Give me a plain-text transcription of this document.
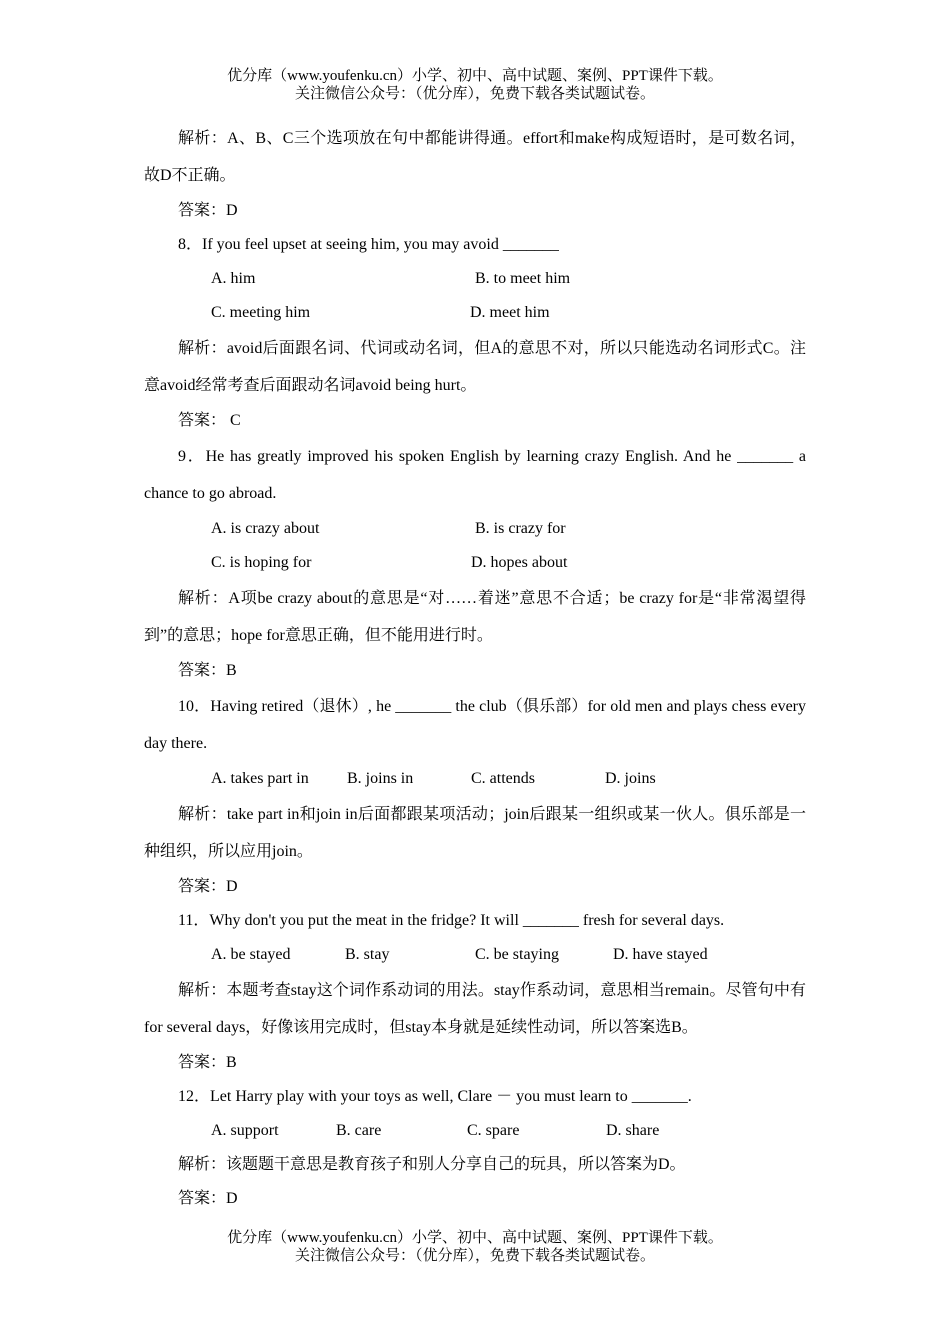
优分库（www.youfenku.cn）小学、初中、高中试题、案例、PPT课件下载。
关注微信公众号：（优分库），免费下载各类试题试卷。

解析：A、B、C三个选项放在句中都能讲得通。effort和make构成短语时，是可数名词，故D不正确。

答案：D

8．If you feel upset at seeing him, you may avoid _______

A. him	B. to meet him
C. meeting him	D. meet him

解析：avoid后面跟名词、代词或动名词，但A的意思不对，所以只能选动名词形式C。注意avoid经常考查后面跟动名词avoid being hurt。

答案： C

9．He has greatly improved his spoken English by learning crazy English. And he _______ a chance to go abroad.

A. is crazy about	B. is crazy for
C. is hoping for	D. hopes about

解析：A项be crazy about的意思是“对……着迷”意思不合适；be crazy for是“非常渴望得到”的意思；hope for意思正确，但不能用进行时。

答案：B

10．Having retired（退休）, he _______ the club（俱乐部）for old men and plays chess every day there.

A. takes part in B. joins in	C. attends	D. joins

解析：take part in和join in后面都跟某项活动；join后跟某一组织或某一伙人。俱乐部是一种组织，所以应用join。

答案：D

11．Why don't you put the meat in the fridge? It will _______ fresh for several days.

A. be stayed	B. stay	C. be staying	D. have stayed

解析：本题考查stay这个词作系动词的用法。stay作系动词，意思相当remain。尽管句中有for several days，好像该用完成时，但stay本身就是延续性动词，所以答案选B。

答案：B

12．Let Harry play with your toys as well, Clare － you must learn to _______.

A. support	B. care	C. spare	D. share

解析：该题题干意思是教育孩子和别人分享自己的玩具，所以答案为D。

答案：D

优分库（www.youfenku.cn）小学、初中、高中试题、案例、PPT课件下载。
关注微信公众号：（优分库），免费下载各类试题试卷。
